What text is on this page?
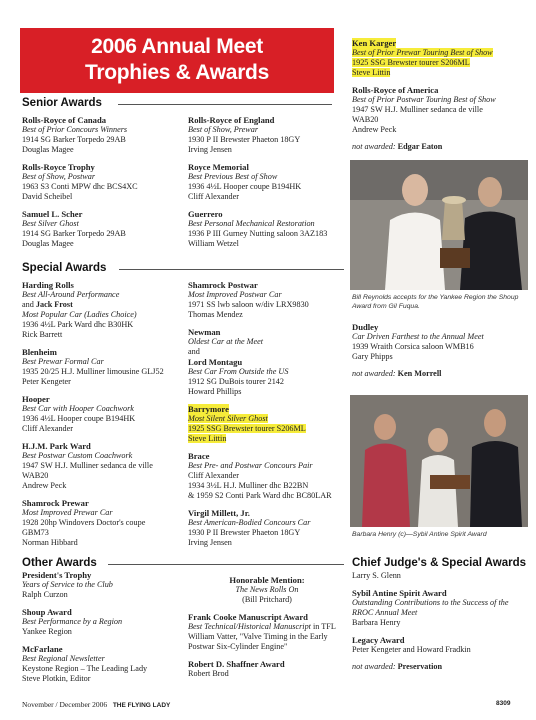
2006 Annual Meet
Trophies & Awards
Senior Awards
Rolls-Royce of Canada
Best of Prior Concours Winners
1914 SG Barker Torpedo 29AB
Douglas Magee
Rolls-Royce Trophy
Best of Show, Postwar
1963 S3 Conti MPW dhc BCS4XC
David Scheibel
Samuel L. Scher
Best Silver Ghost
1914 SG Barker Torpedo 29AB
Douglas Magee
Rolls-Royce of England
Best of Show, Prewar
1930 P II Brewster Phaeton 18GY
Irving Jensen
Royce Memorial
Best Previous Best of Show
1936 4½L Hooper coupe B194HK
Cliff Alexander
Guerrero
Best Personal Mechanical Restoration
1936 P III Gurney Nutting saloon 3AZ183
William Wetzel
Ken Karger
Best of Prior Prewar Touring Best of Show
1925 SSG Brewster tourer S206ML
Steve Littin
Rolls-Royce of America
Best of Prior Postwar Touring Best of Show
1947 SW H.J. Mulliner sedanca de ville
WAB20
Andrew Peck
not awarded: Edgar Eaton
Bill Reynolds accepts for the Yankee Region the Shoup Award from Gil Fuqua.
Dudley
Car Driven Farthest to the Annual Meet
1939 Wraith Corsica saloon WMB16
Gary Phipps
not awarded: Ken Morrell
Barbara Henry (c)—Sybil Antine Spirit Award
Special Awards
Harding Rolls
Best All-Around Performance
and Jack Frost
Most Popular Car (Ladies Choice)
1936 4½L Park Ward dhc B30HK
Rick Barrett
Blenheim
Best Prewar Formal Car
1935 20/25 H.J. Mulliner limousine GLJ52
Peter Kengeter
Hooper
Best Car with Hooper Coachwork
1936 4½L Hooper coupe B194HK
Cliff Alexander
H.J.M. Park Ward
Best Postwar Custom Coachwork
1947 SW H.J. Mulliner sedanca de ville
WAB20
Andrew Peck
Shamrock Prewar
Most Improved Prewar Car
1928 20hp Windovers Doctor's coupe
GBM73
Norman Hibbard
Shamrock Postwar
Most Improved Postwar Car
1971 SS lwb saloon w/div LRX9830
Thomas Mendez
Newman
Oldest Car at the Meet
and
Lord Montagu
Best Car From Outside the US
1912 SG DuBois tourer 2142
Howard Phillips
Barrymore
Most Silent Silver Ghost
1925 SSG Brewster tourer S206ML
Steve Littin
Brace
Best Pre- and Postwar Concours Pair
Cliff Alexander
1934 3½L H.J. Mulliner dhc B22BN
& 1959 S2 Conti Park Ward dhc BC80LAR
Virgil Millett, Jr.
Best American-Bodied Concours Car
1930 P II Brewster Phaeton 18GY
Irving Jensen
Other Awards
President's Trophy
Years of Service to the Club
Ralph Curzon
Shoup Award
Best Performance by a Region
Yankee Region
McFarlane
Best Regional Newsletter
Keystone Region – The Leading Lady
Steve Plotkin, Editor
Honorable Mention:
The News Rolls On
(Bill Pritchard)
Frank Cooke Manuscript Award
Best Technical/Historical Manuscript in TFL William Vatter, "Valve Timing in the Early Postwar Six-Cylinder Engine"
Robert D. Shaffner Award
Robert Brod
Chief Judge's & Special Awards
Larry S. Glenn
Sybil Antine Spirit Award
Outstanding Contributions to the Success of the RROC Annual Meet
Barbara Henry
Legacy Award
Peter Kengeter and Howard Fradkin
not awarded: Preservation
November / December 2006 THE FLYING LADY	8309
